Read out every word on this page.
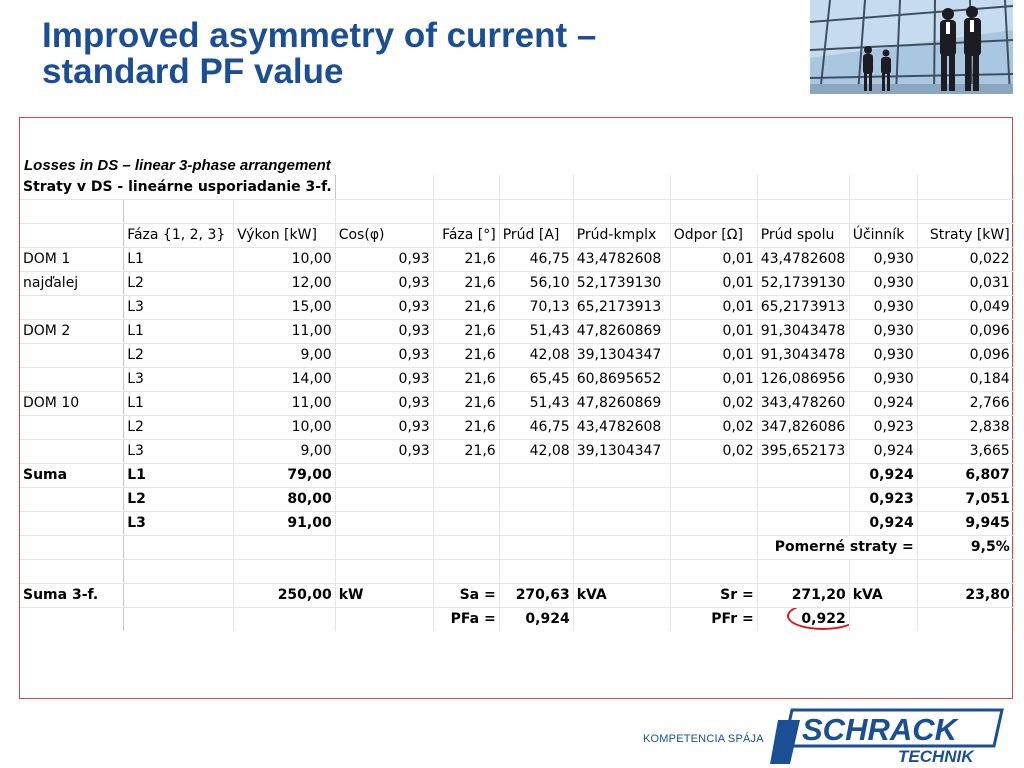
Improved asymmetry of current –
standard PF value
Losses in DS – linear 3-phase arrangement
Straty v DS - lineárne usporiadanie 3-f.										

	Fáza {1, 2, 3}	Výkon [kW]	Cos(φ)	Fáza [°]	Prúd [A]	Prúd-kmplx	Odpor [Ω]	Prúd spolu	Účinník	Straty [kW]
DOM 1	L1	10,00	0,93	21,6	46,75	43,4782608	0,01	43,4782608	0,930	0,022
najďalej	L2	12,00	0,93	21,6	56,10	52,1739130	0,01	52,1739130	0,930	0,031
	L3	15,00	0,93	21,6	70,13	65,2173913	0,01	65,2173913	0,930	0,049
DOM 2	L1	11,00	0,93	21,6	51,43	47,8260869	0,01	91,3043478	0,930	0,096
	L2	9,00	0,93	21,6	42,08	39,1304347	0,01	91,3043478	0,930	0,096
	L3	14,00	0,93	21,6	65,45	60,8695652	0,01	126,086956	0,930	0,184
DOM 10	L1	11,00	0,93	21,6	51,43	47,8260869	0,02	343,478260	0,924	2,766
	L2	10,00	0,93	21,6	46,75	43,4782608	0,02	347,826086	0,923	2,838
	L3	9,00	0,93	21,6	42,08	39,1304347	0,02	395,652173	0,924	3,665
Suma	L1	79,00							0,924	6,807
	L2	80,00							0,923	7,051
	L3	91,00							0,924	9,945
								Pomerné straty =		9,5%

Suma 3-f.		250,00	kW	Sa =	270,63	kVA	Sr =	271,20	kVA	23,80
				PFa =	0,924		PFr =	0,922		
KOMPETENCIA SPÁJA SCHRACK
TECHNIK
